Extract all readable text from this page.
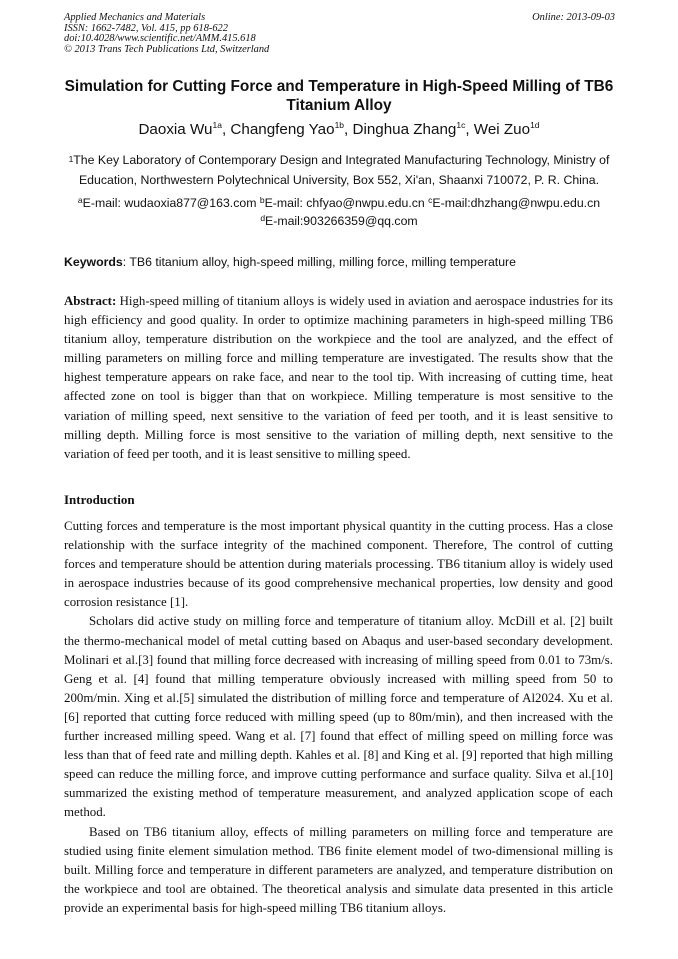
Applied Mechanics and Materials
ISSN: 1662-7482, Vol. 415, pp 618-622
doi:10.4028/www.scientific.net/AMM.415.618
© 2013 Trans Tech Publications Ltd, Switzerland
Online: 2013-09-03
Simulation for Cutting Force and Temperature in High-Speed Milling of TB6 Titanium Alloy
Daoxia $Wu^{1a}$, Changfeng Yao$^{1b}$, Dinghua Zhang$^{1c}$, Wei Zuo$^{1d}$
$^1$The Key Laboratory of Contemporary Design and Integrated Manufacturing Technology, Ministry of Education, Northwestern Polytechnical University, Box 552, Xi'an, Shaanxi 710072, P. R. China.
$^a$E-mail: wudaoxia877@163.com $^b$E-mail: chfyao@nwpu.edu.cn $^c$E-mail:dhzhang@nwpu.edu.cn
$^d$E-mail:903266359@qq.com
Keywords: TB6 titanium alloy, high-speed milling, milling force, milling temperature

Abstract: High-speed milling of titanium alloys is widely used in aviation and aerospace industries for its high efficiency and good quality. In order to optimize machining parameters in high-speed milling TB6 titanium alloy, temperature distribution on the workpiece and the tool are analyzed, and the effect of milling parameters on milling force and milling temperature are investigated. The results show that the highest temperature appears on rake face, and near to the tool tip. With increasing of cutting time, heat affected zone on tool is bigger than that on workpiece. Milling temperature is most sensitive to the variation of milling speed, next sensitive to the variation of feed per tooth, and it is least sensitive to milling depth. Milling force is most sensitive to the variation of milling depth, next sensitive to the variation of feed per tooth, and it is least sensitive to milling speed.

Introduction

Cutting forces and temperature is the most important physical quantity in the cutting process. Has a close relationship with the surface integrity of the machined component. Therefore, The control of cutting forces and temperature should be attention during materials processing. TB6 titanium alloy is widely used in aerospace industries because of its good comprehensive mechanical properties, low density and good corrosion resistance [1].

Scholars did active study on milling force and temperature of titanium alloy. McDill et al. [2] built the thermo-mechanical model of metal cutting based on Abaqus and user-based secondary development. Molinari et al.[3] found that milling force decreased with increasing of milling speed from 0.01 to 73m/s. Geng et al. [4] found that milling temperature obviously increased with milling speed from 50 to 200m/min. Xing et al.[5] simulated the distribution of milling force and temperature of Al2024. Xu et al. [6] reported that cutting force reduced with milling speed (up to 80m/min), and then increased with the further increased milling speed. Wang et al. [7] found that effect of milling speed on milling force was less than that of feed rate and milling depth. Kahles et al. [8] and King et al. [9] reported that high milling speed can reduce the milling force, and improve cutting performance and surface quality. Silva et al.[10] summarized the existing method of temperature measurement, and analyzed application scope of each method.

Based on TB6 titanium alloy, effects of milling parameters on milling force and temperature are studied using finite element simulation method. TB6 finite element model of two-dimensional milling is built. Milling force and temperature in different parameters are analyzed, and temperature distribution on the workpiece and tool are obtained. The theoretical analysis and simulate data presented in this article provide an experimental basis for high-speed milling TB6 titanium alloys.
